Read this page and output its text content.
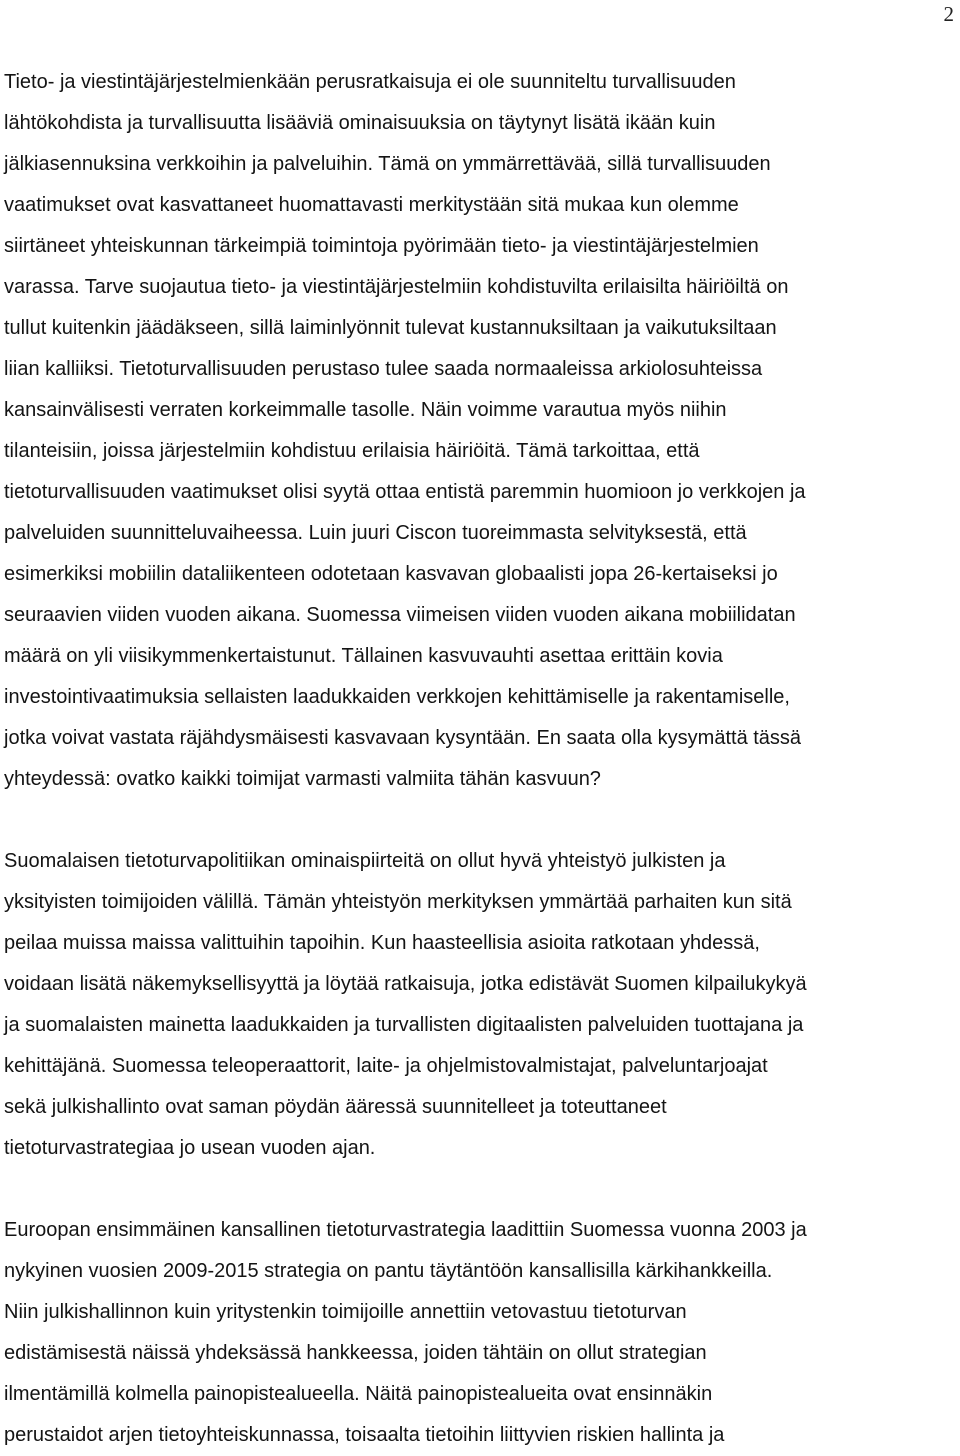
2

Tieto- ja viestintäjärjestelmienkään perusratkaisuja ei ole suunniteltu turvallisuuden
lähtökohdista ja turvallisuutta lisääviä ominaisuuksia on täytynyt lisätä ikään kuin
jälkiasennuksina verkkoihin ja palveluihin. Tämä on ymmärrettävää, sillä turvallisuuden
vaatimukset ovat kasvattaneet huomattavasti merkitystään sitä mukaa kun olemme
siirtäneet yhteiskunnan tärkeimpiä toimintoja pyörimään tieto- ja viestintäjärjestelmien
varassa. Tarve suojautua tieto- ja viestintäjärjestelmiin kohdistuvilta erilaisilta häiriöiltä on
tullut kuitenkin jäädäkseen, sillä laiminlyönnit tulevat kustannuksiltaan ja vaikutuksiltaan
liian kalliiksi. Tietoturvallisuuden perustaso tulee saada normaaleissa arkiolosuhteissa
kansainvälisesti verraten korkeimmalle tasolle. Näin voimme varautua myös niihin
tilanteisiin, joissa järjestelmiin kohdistuu erilaisia häiriöitä. Tämä tarkoittaa, että
tietoturvallisuuden vaatimukset olisi syytä ottaa entistä paremmin huomioon jo verkkojen ja
palveluiden suunnitteluvaiheessa. Luin juuri Ciscon tuoreimmasta selvityksestä, että
esimerkiksi mobiilin dataliikenteen odotetaan kasvavan globaalisti jopa 26-kertaiseksi jo
seuraavien viiden vuoden aikana. Suomessa viimeisen viiden vuoden aikana mobiilidatan
määrä on yli viisikymmenkertaistunut. Tällainen kasvuvauhti asettaa erittäin kovia
investointivaatimuksia sellaisten laadukkaiden verkkojen kehittämiselle ja rakentamiselle,
jotka voivat vastata räjähdysmäisesti kasvavaan kysyntään. En saata olla kysymättä tässä
yhteydessä: ovatko kaikki toimijat varmasti valmiita tähän kasvuun?

Suomalaisen tietoturvapolitiikan ominaispiirteitä on ollut hyvä yhteistyö julkisten ja
yksityisten toimijoiden välillä. Tämän yhteistyön merkityksen ymmärtää parhaiten kun sitä
peilaa muissa maissa valittuihin tapoihin. Kun haasteellisia asioita ratkotaan yhdessä,
voidaan lisätä näkemyksellisyyttä ja löytää ratkaisuja, jotka edistävät Suomen kilpailukykyä
ja suomalaisten mainetta laadukkaiden ja turvallisten digitaalisten palveluiden tuottajana ja
kehittäjänä. Suomessa teleoperaattorit, laite- ja ohjelmistovalmistajat, palveluntarjoajat
sekä julkishallinto ovat saman pöydän ääressä suunnitelleet ja toteuttaneet
tietoturvastrategiaa jo usean vuoden ajan.

Euroopan ensimmäinen kansallinen tietoturvastrategia laadittiin Suomessa vuonna 2003 ja
nykyinen vuosien 2009-2015 strategia on pantu täytäntöön kansallisilla kärkihankkeilla.
Niin julkishallinnon kuin yritystenkin toimijoille annettiin vetovastuu tietoturvan
edistämisestä näissä yhdeksässä hankkeessa, joiden tähtäin on ollut strategian
ilmentämillä kolmella painopistealueella. Näitä painopistealueita ovat ensinnäkin
perustaidot arjen tietoyhteiskunnassa, toisaalta tietoihin liittyvien riskien hallinta ja
